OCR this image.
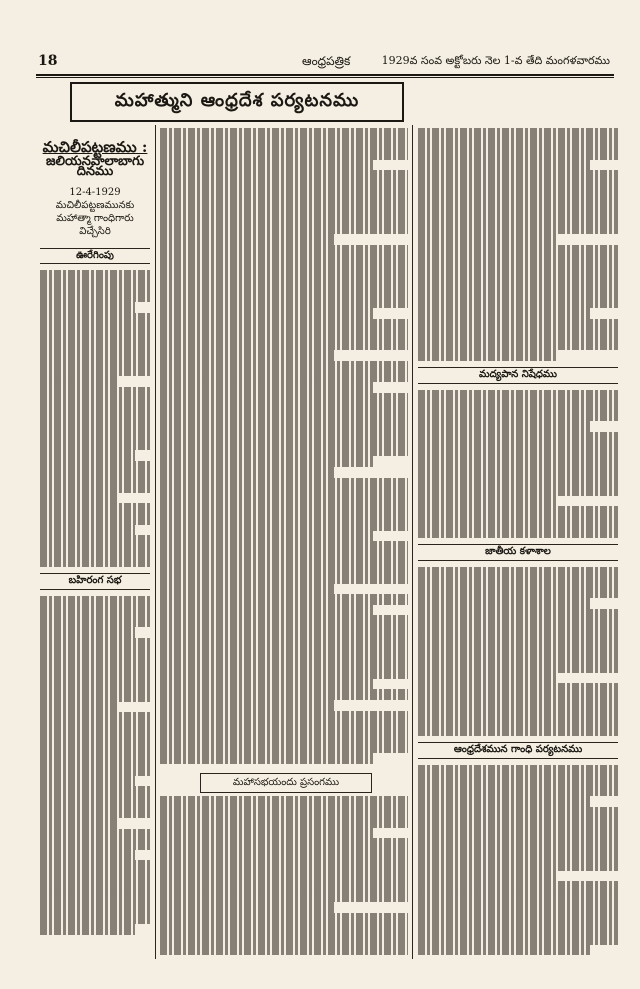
18	ఆంధ్రపత్రిక	1929వ సంవ అక్టోబరు నెల 1-వ తేది మంగళవారము
మహాత్ముని ఆంధ్రదేశ పర్యటనము
మచిలీపట్టణము :
జలియనవాలాబాగు దినము
12-4-1929 మచిలీపట్టణమునకు
మహాత్మా గాంధిగారు విచ్చేసిరి
ఊరేగింపు
బహిరంగ సభ
మహాసభయందు ప్రసంగము
మద్యపాన నిషేధము
జాతీయ కళాశాల
ఆంధ్రదేశమున గాంధి పర్యటనము
